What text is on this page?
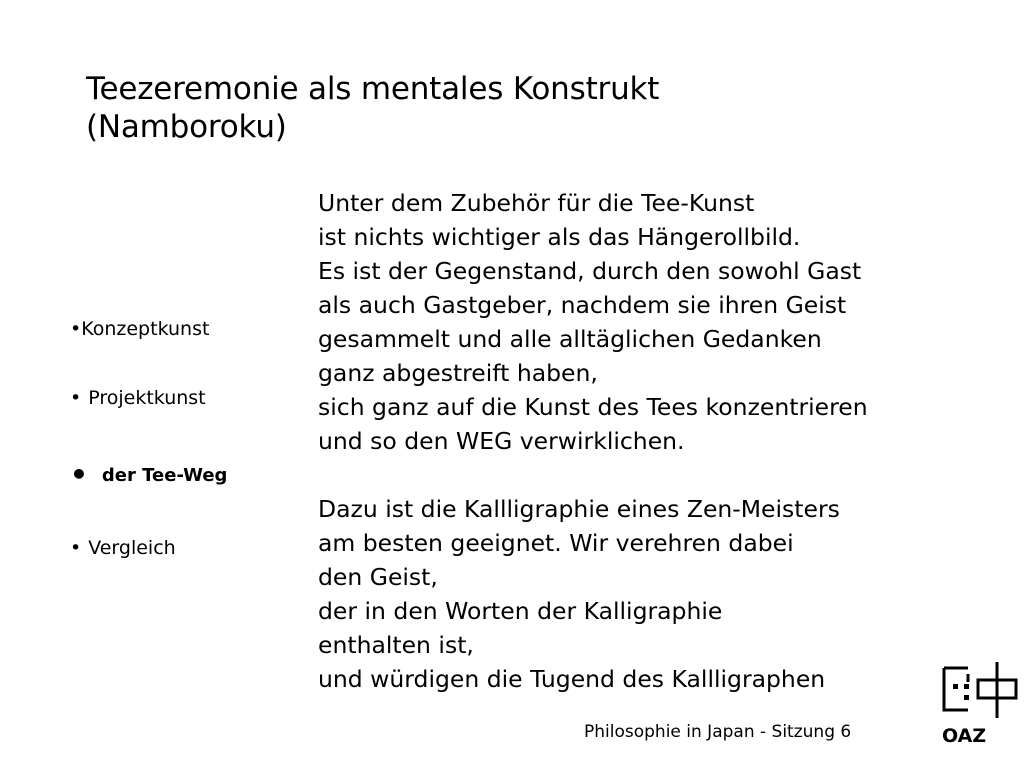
Teezeremonie als mentales Konstrukt
(Namboroku)
•Konzeptkunst
• Projektkunst
• der Tee-Weg
• Vergleich
Unter dem Zubehör für die Tee-Kunst
ist nichts wichtiger als das Hängerollbild.
Es ist der Gegenstand, durch den sowohl Gast
als auch Gastgeber, nachdem sie ihren Geist
gesammelt und alle alltäglichen Gedanken
ganz abgestreift haben,
sich ganz auf die Kunst des Tees konzentrieren
und so den WEG verwirklichen.
Dazu ist die Kallligraphie eines Zen-Meisters
am besten geeignet. Wir verehren dabei
den Geist,
der in den Worten der Kalligraphie
enthalten ist,
und würdigen die Tugend des Kallligraphen
Philosophie in Japan - Sitzung 6	OAZ
